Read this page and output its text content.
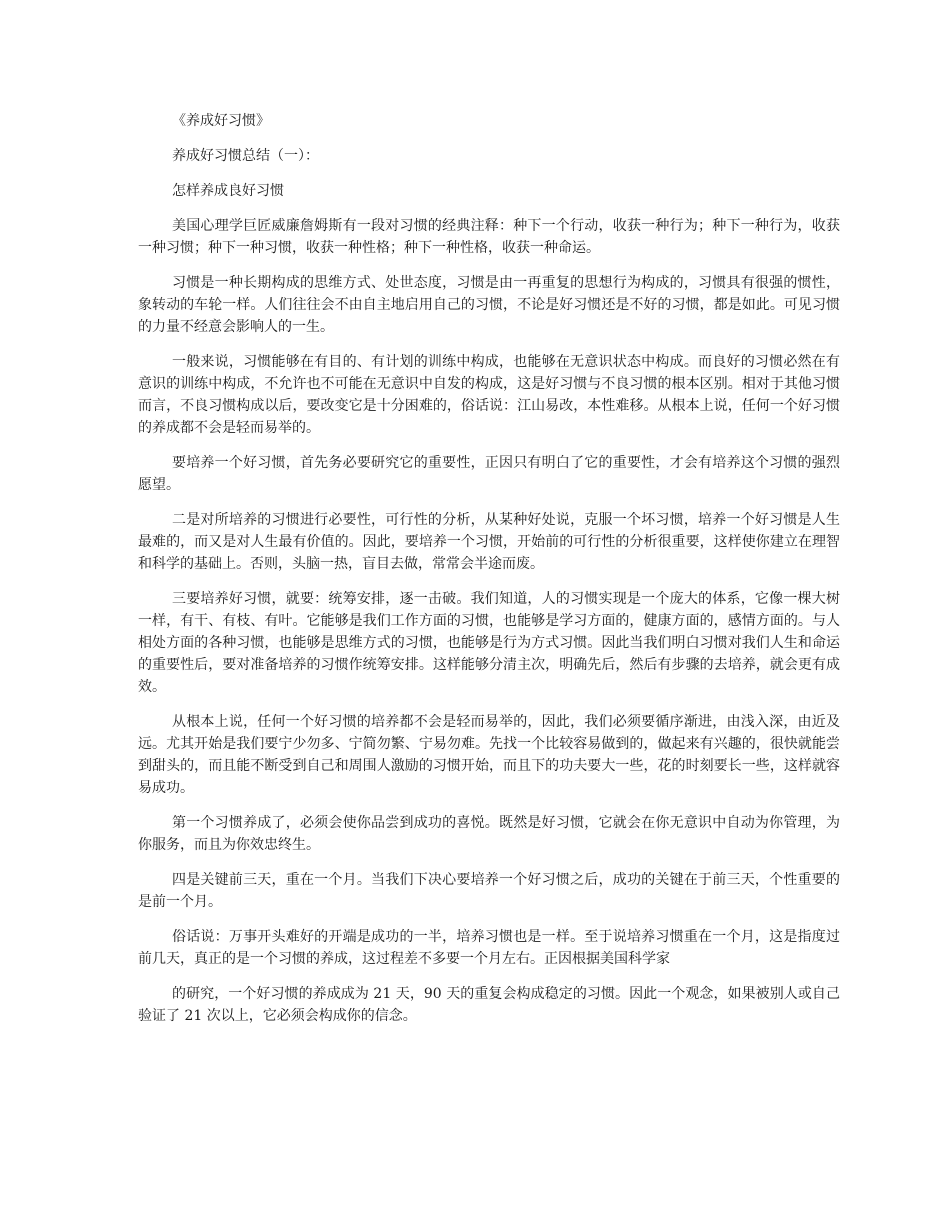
《养成好习惯》
养成好习惯总结（一）：
怎样养成良好习惯

美国心理学巨匠威廉詹姆斯有一段对习惯的经典注释：种下一个行动，收获一种行为；种下一种行为，收获一种习惯；种下一种习惯，收获一种性格；种下一种性格，收获一种命运。

习惯是一种长期构成的思维方式、处世态度，习惯是由一再重复的思想行为构成的，习惯具有很强的惯性，象转动的车轮一样。人们往往会不由自主地启用自己的习惯，不论是好习惯还是不好的习惯，都是如此。可见习惯的力量不经意会影响人的一生。

一般来说，习惯能够在有目的、有计划的训练中构成，也能够在无意识状态中构成。而良好的习惯必然在有意识的训练中构成，不允许也不可能在无意识中自发的构成，这是好习惯与不良习惯的根本区别。相对于其他习惯而言，不良习惯构成以后，要改变它是十分困难的，俗话说：江山易改，本性难移。从根本上说，任何一个好习惯的养成都不会是轻而易举的。

要培养一个好习惯，首先务必要研究它的重要性，正因只有明白了它的重要性，才会有培养这个习惯的强烈愿望。

二是对所培养的习惯进行必要性，可行性的分析，从某种好处说，克服一个坏习惯，培养一个好习惯是人生最难的，而又是对人生最有价值的。因此，要培养一个习惯，开始前的可行性的分析很重要，这样使你建立在理智和科学的基础上。否则，头脑一热，盲目去做，常常会半途而废。

三要培养好习惯，就要：统筹安排，逐一击破。我们知道，人的习惯实现是一个庞大的体系，它像一棵大树一样，有干、有枝、有叶。它能够是我们工作方面的习惯，也能够是学习方面的，健康方面的，感情方面的。与人相处方面的各种习惯，也能够是思维方式的习惯，也能够是行为方式习惯。因此当我们明白习惯对我们人生和命运的重要性后，要对准备培养的习惯作统筹安排。这样能够分清主次，明确先后，然后有步骤的去培养，就会更有成效。

从根本上说，任何一个好习惯的培养都不会是轻而易举的，因此，我们必须要循序渐进，由浅入深，由近及远。尤其开始是我们要宁少勿多、宁简勿繁、宁易勿难。先找一个比较容易做到的，做起来有兴趣的，很快就能尝到甜头的，而且能不断受到自己和周围人激励的习惯开始，而且下的功夫要大一些，花的时刻要长一些，这样就容易成功。

第一个习惯养成了，必须会使你品尝到成功的喜悦。既然是好习惯，它就会在你无意识中自动为你管理，为你服务，而且为你效忠终生。

四是关键前三天，重在一个月。当我们下决心要培养一个好习惯之后，成功的关键在于前三天，个性重要的是前一个月。

俗话说：万事开头难好的开端是成功的一半，培养习惯也是一样。至于说培养习惯重在一个月，这是指度过前几天，真正的是一个习惯的养成，这过程差不多要一个月左右。正因根据美国科学家

的研究，一个好习惯的养成成为 21 天，90 天的重复会构成稳定的习惯。因此一个观念，如果被别人或自己验证了 21 次以上，它必须会构成你的信念。
